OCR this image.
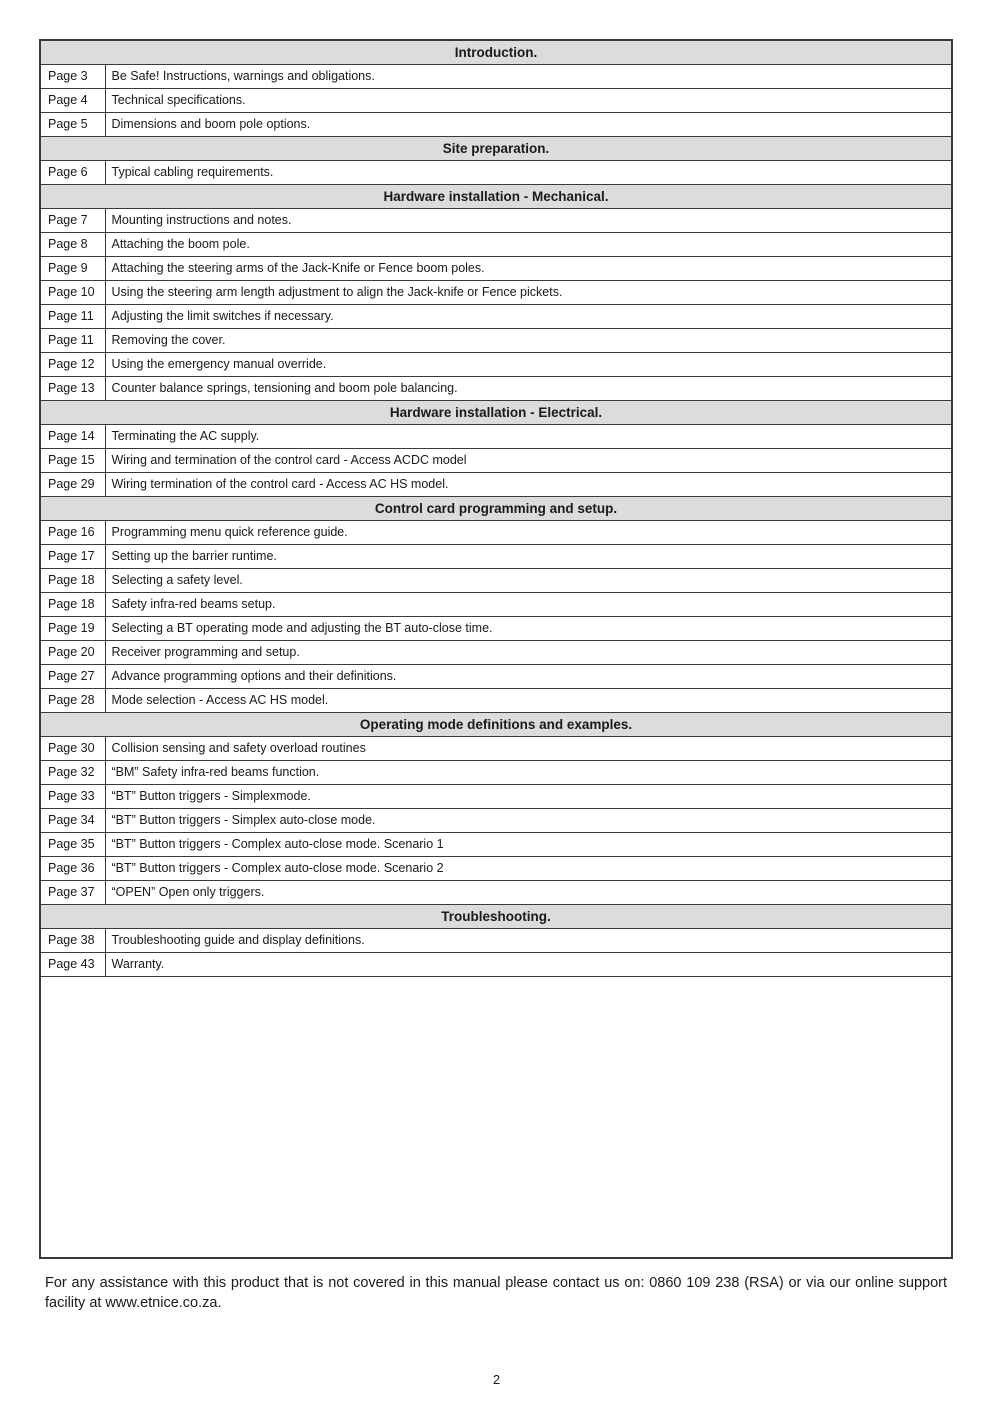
Introduction.	
Page 3	Be Safe! Instructions, warnings and obligations.
Page 4	Technical specifications.
Page 5	Dimensions and boom pole options.
Site preparation.	
Page 6	Typical cabling requirements.
Hardware installation - Mechanical.	
Page 7	Mounting instructions and notes.
Page 8	Attaching the boom pole.
Page 9	Attaching the steering arms of the Jack-Knife or Fence boom poles.
Page 10	Using the steering arm length adjustment to align the Jack-knife or Fence pickets.
Page 11	Adjusting the limit switches if necessary.
Page 11	Removing the cover.
Page 12	Using the emergency manual override.
Page 13	Counter balance springs, tensioning and boom pole balancing.
Hardware installation - Electrical.	
Page 14	Terminating the AC supply.
Page 15	Wiring and termination of the control card - Access ACDC model
Page 29	Wiring termination of the control card - Access AC HS model.
Control card programming and setup.	
Page 16	Programming menu quick reference guide.
Page 17	Setting up the barrier runtime.
Page 18	Selecting a safety level.
Page 18	Safety infra-red beams setup.
Page 19	Selecting a BT operating mode and adjusting the BT auto-close time.
Page 20	Receiver programming and setup.
Page 27	Advance programming options and their definitions.
Page 28	Mode selection - Access AC HS model.
Operating mode definitions and examples.	
Page 30	Collision sensing and safety overload routines
Page 32	“BM” Safety infra-red beams function.
Page 33	“BT” Button triggers - Simplexmode.
Page 34	“BT” Button triggers - Simplex auto-close mode.
Page 35	“BT” Button triggers - Complex auto-close mode. Scenario 1
Page 36	“BT” Button triggers - Complex auto-close mode. Scenario 2
Page 37	“OPEN” Open only triggers.
Troubleshooting.	
Page 38	Troubleshooting guide and display definitions.
Page 43	Warranty.
For any assistance with this product that is not covered in this manual please contact us on: 0860 109 238 (RSA) or via our online support facility at www.etnice.co.za.
2
